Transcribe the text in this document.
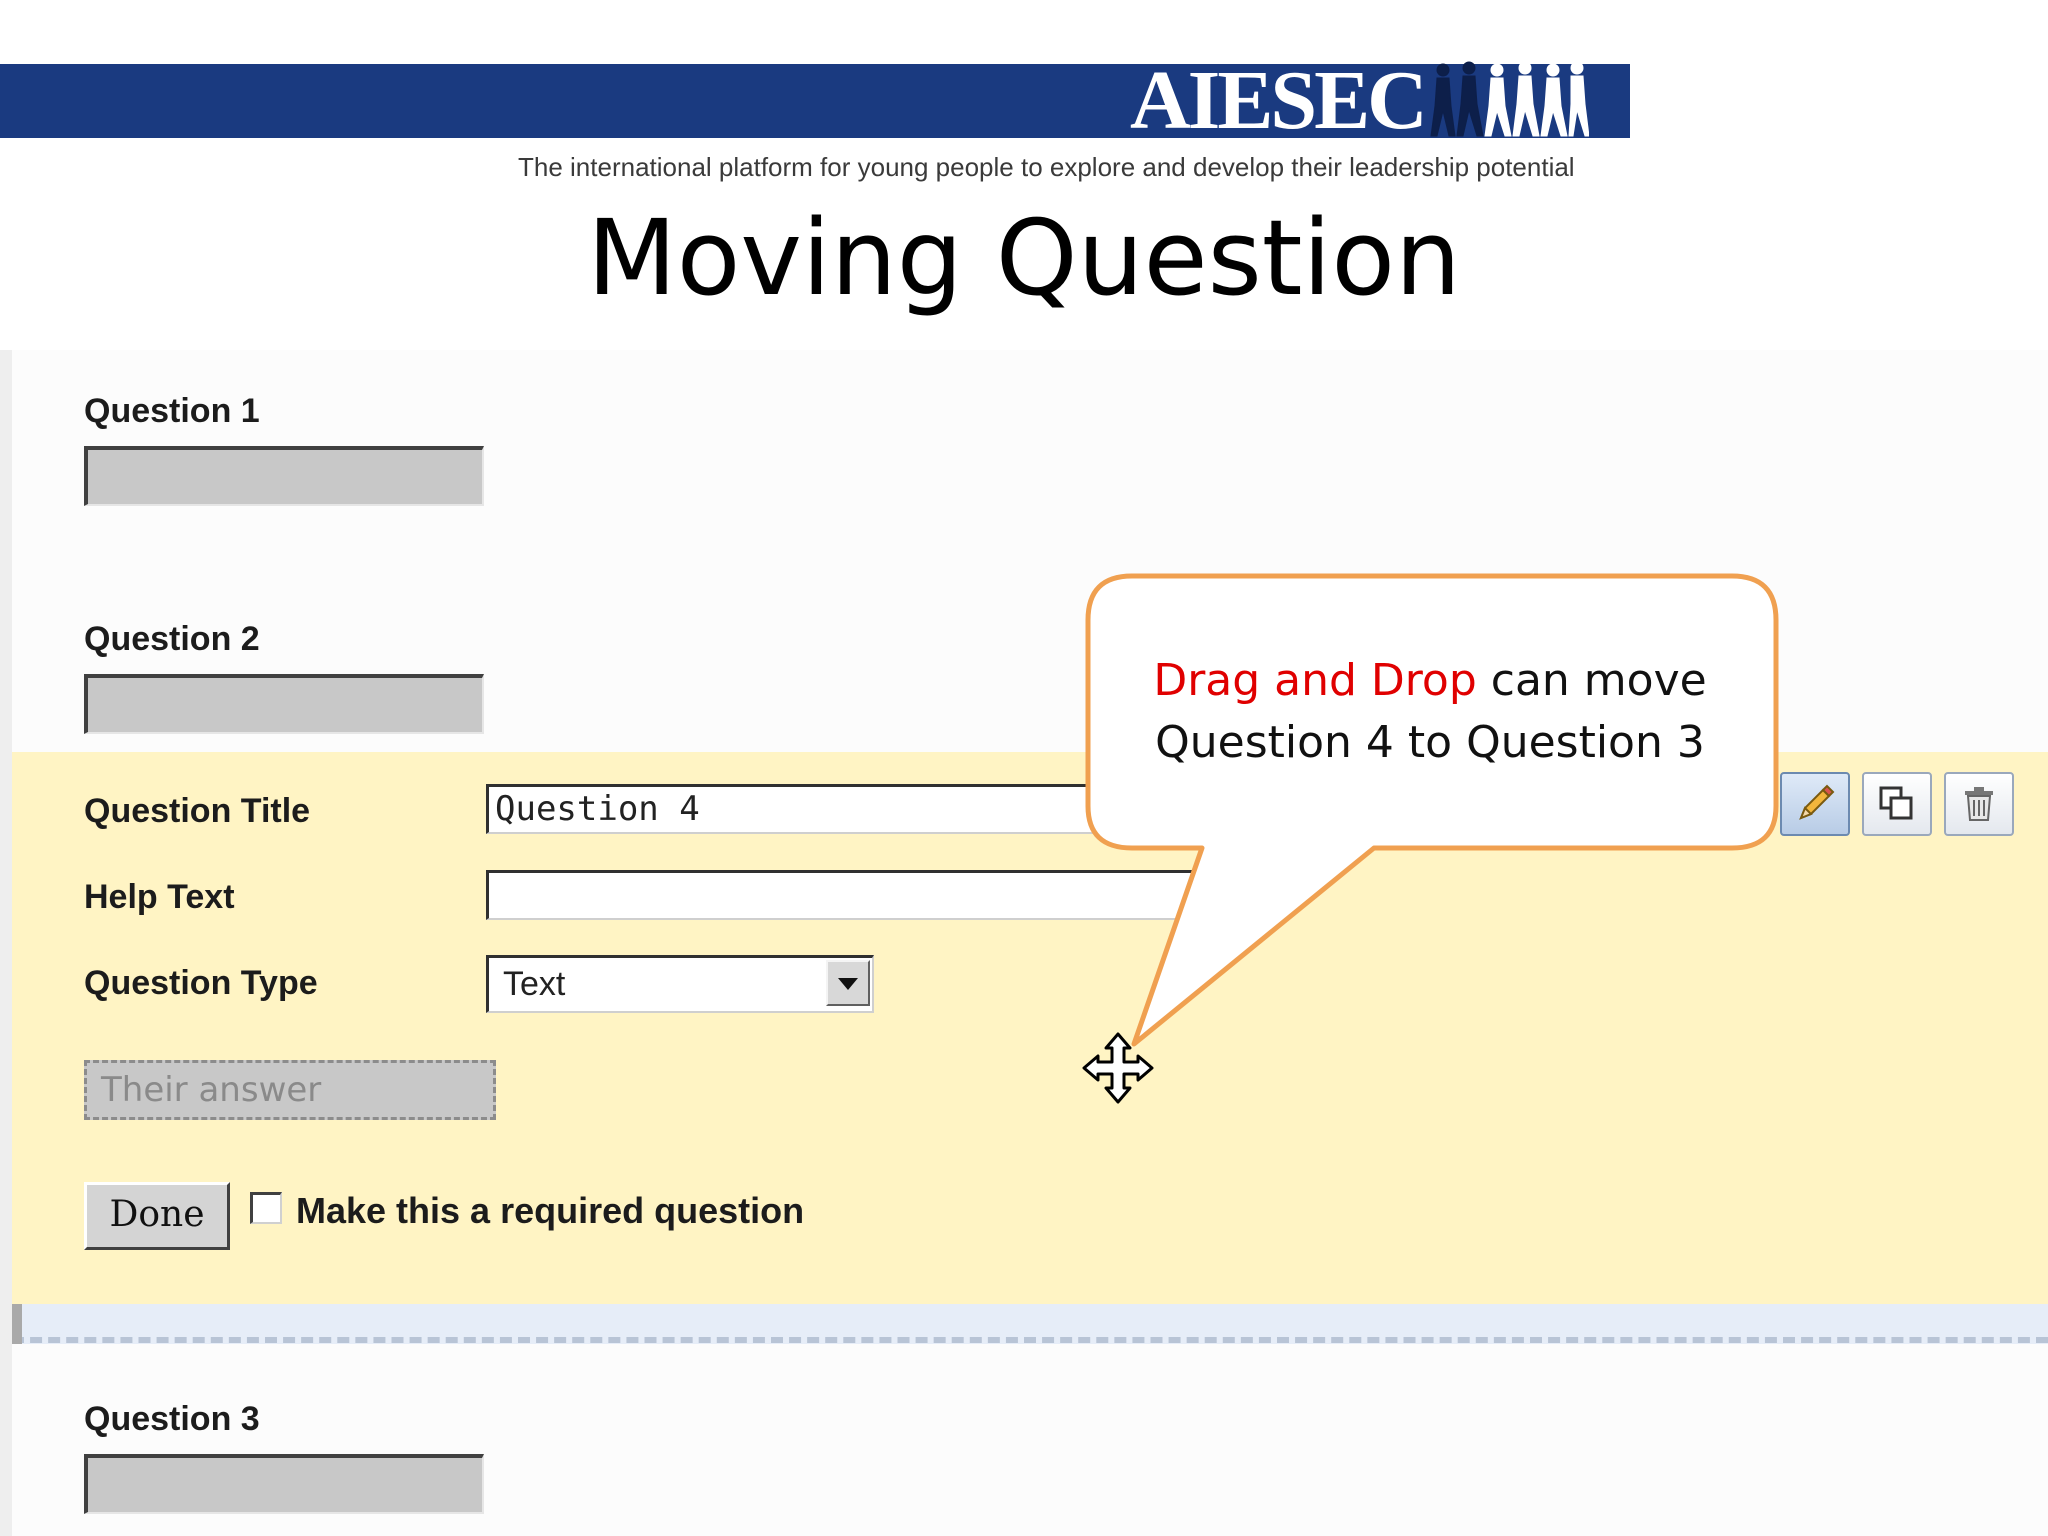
AIESEC
The international platform for young people to explore and develop their leadership potential
Moving Question
Question 1
Question 2
Question Title	Question 4
Help Text
Question Type	Text
Their answer
Done	Make this a required question
Question 3
Drag and Drop can move
Question 4 to Question 3
